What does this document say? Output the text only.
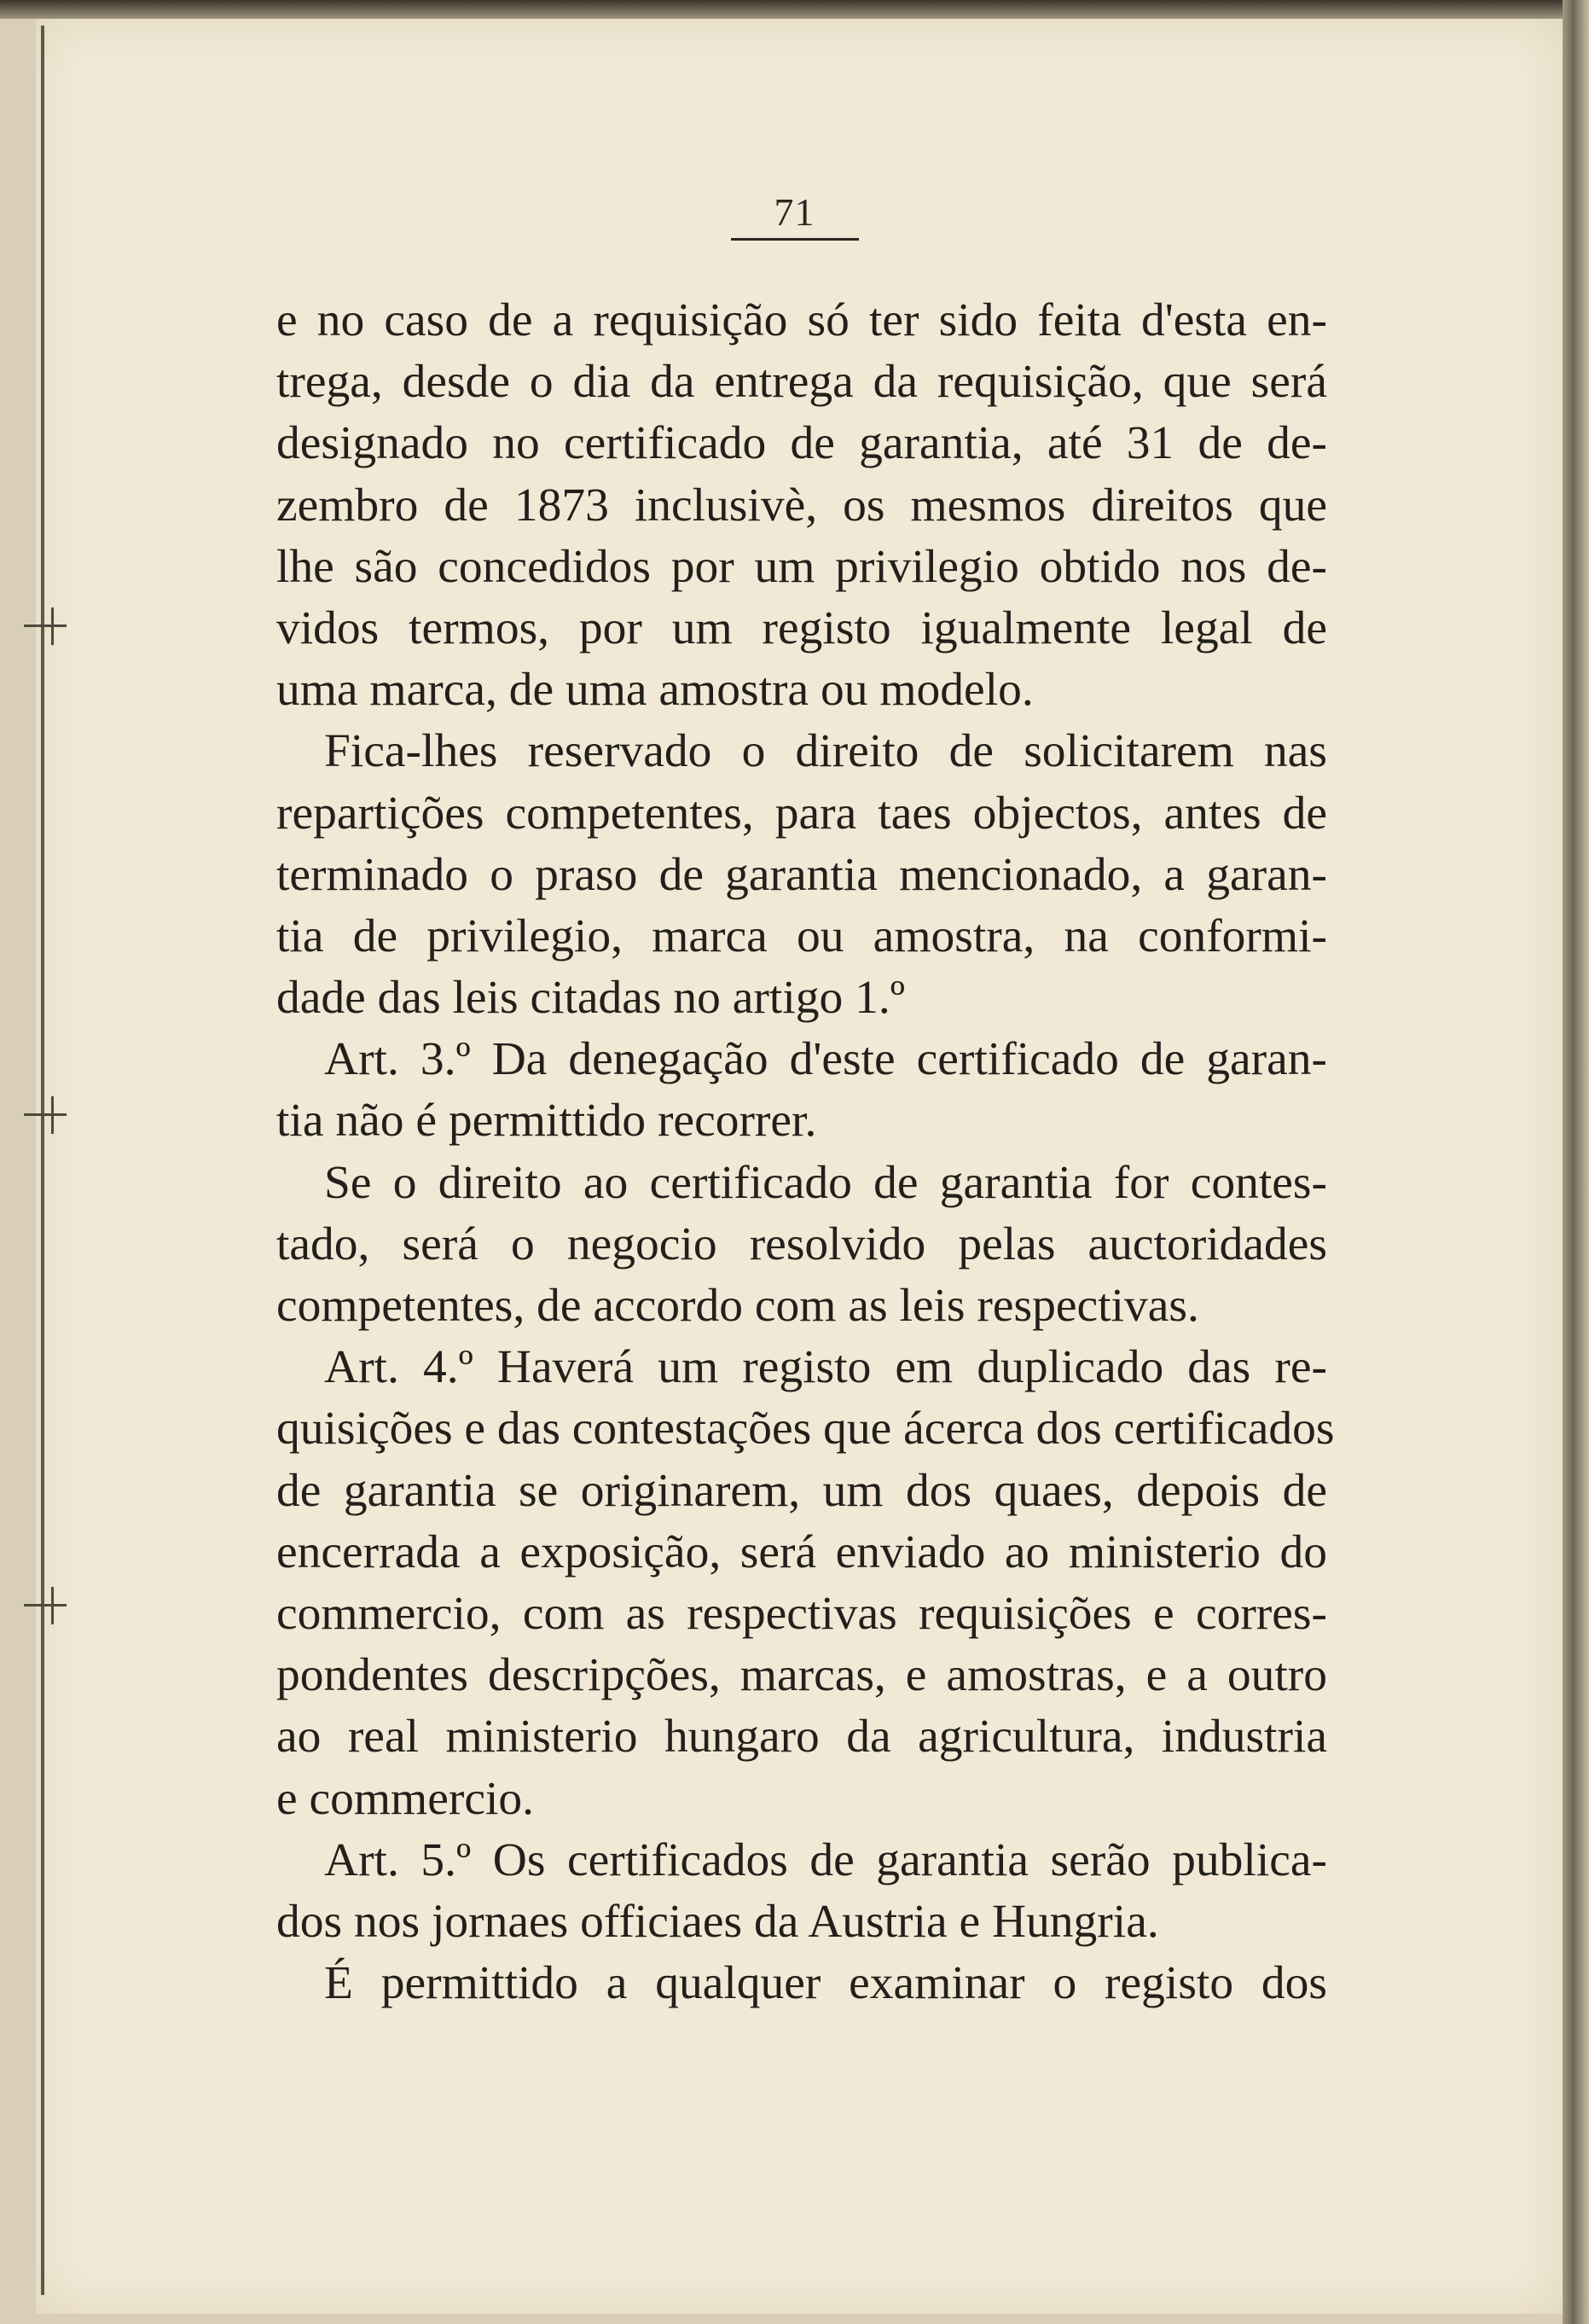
71
e no caso de a requisição só ter sido feita d'esta en-
trega, desde o dia da entrega da requisição, que será
designado no certificado de garantia, até 31 de de-
zembro de 1873 inclusivè, os mesmos direitos que
lhe são concedidos por um privilegio obtido nos de-
vidos termos, por um registo igualmente legal de
uma marca, de uma amostra ou modelo.
Fica-lhes reservado o direito de solicitarem nas
repartições competentes, para taes objectos, antes de
terminado o praso de garantia mencionado, a garan-
tia de privilegio, marca ou amostra, na conformi-
dade das leis citadas no artigo 1.º
Art. 3.º Da denegação d'este certificado de garan-
tia não é permittido recorrer.
Se o direito ao certificado de garantia for contes-
tado, será o negocio resolvido pelas auctoridades
competentes, de accordo com as leis respectivas.
Art. 4.º Haverá um registo em duplicado das re-
quisições e das contestações que ácerca dos certificados
de garantia se originarem, um dos quaes, depois de
encerrada a exposição, será enviado ao ministerio do
commercio, com as respectivas requisições e corres-
pondentes descripções, marcas, e amostras, e a outro
ao real ministerio hungaro da agricultura, industria
e commercio.
Art. 5.º Os certificados de garantia serão publica-
dos nos jornaes officiaes da Austria e Hungria.
É permittido a qualquer examinar o registo dos
